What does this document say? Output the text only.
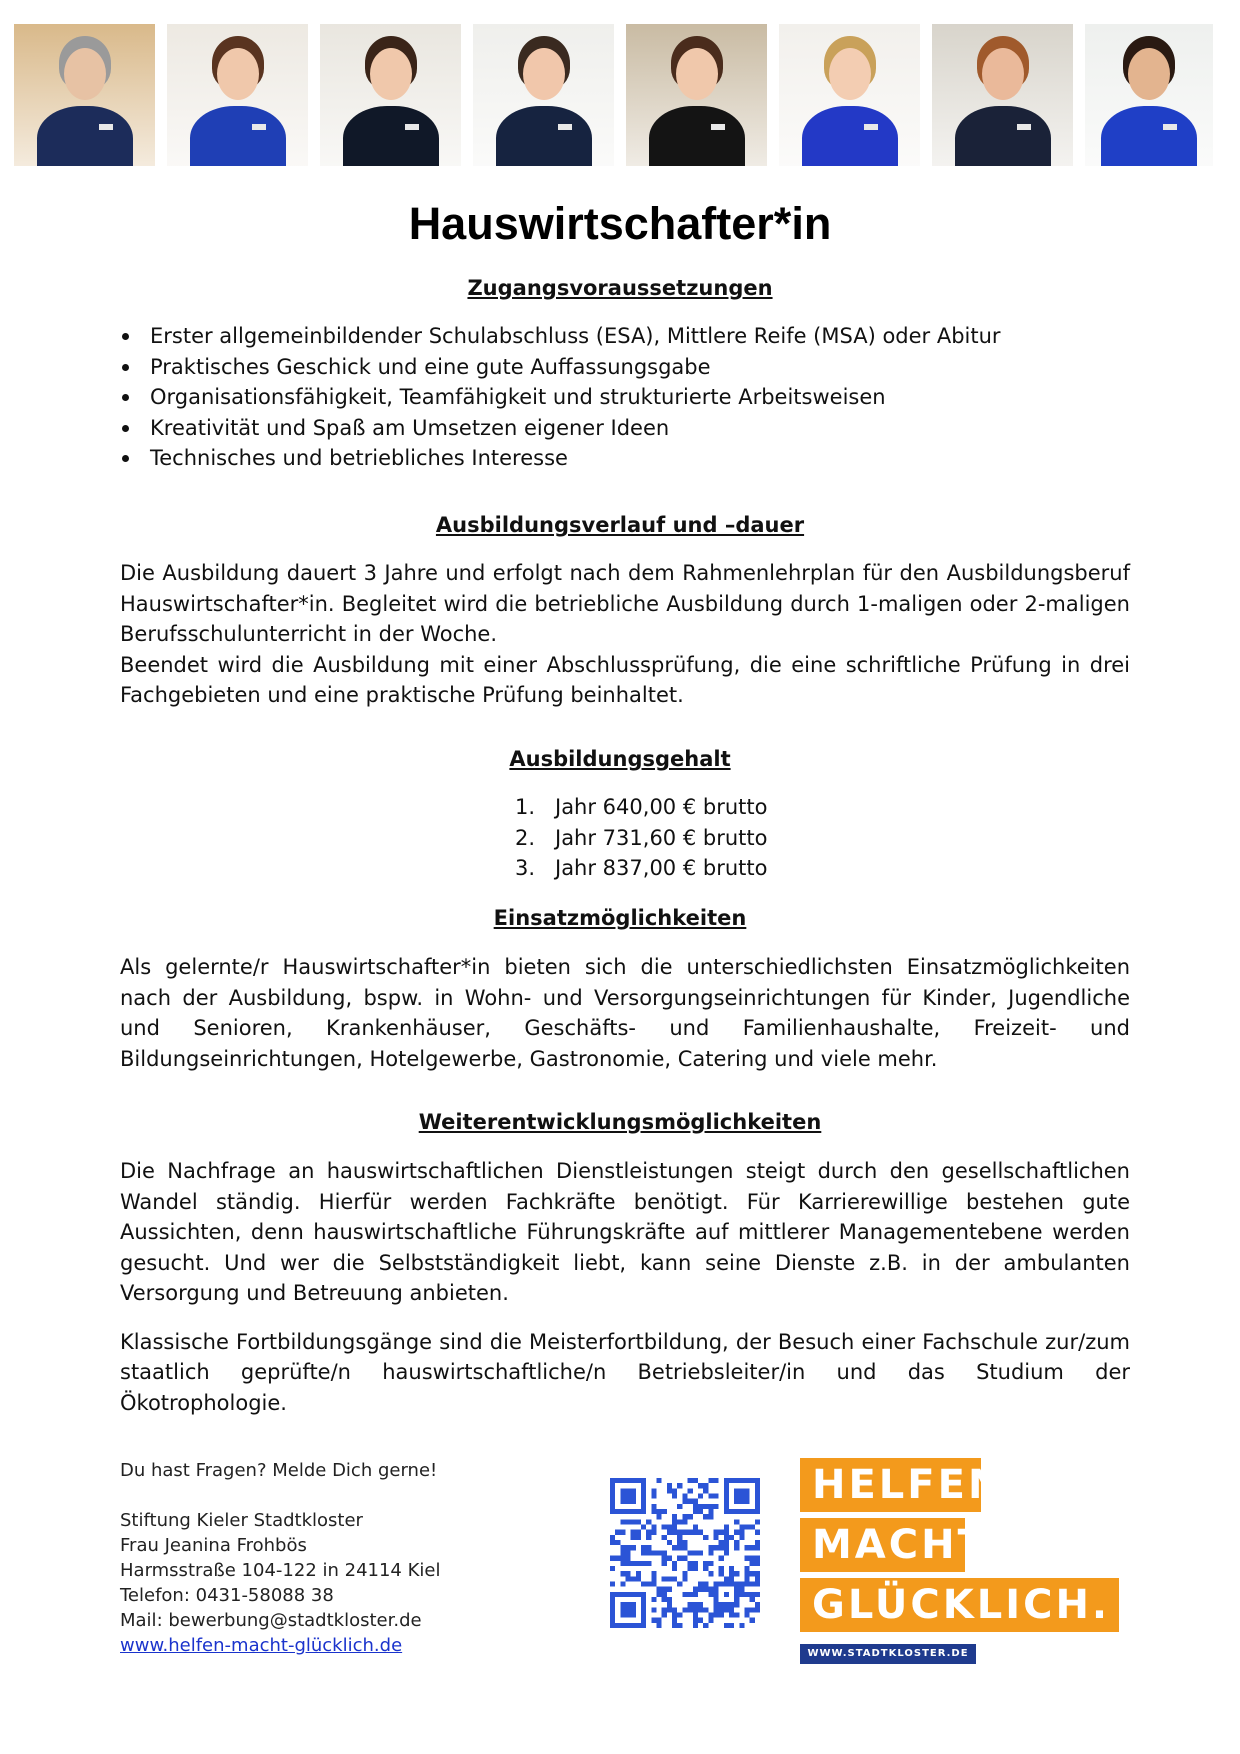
Hauswirtschafter*in
Zugangsvoraussetzungen
Erster allgemeinbildender Schulabschluss (ESA), Mittlere Reife (MSA) oder Abitur
Praktisches Geschick und eine gute Auffassungsgabe
Organisationsfähigkeit, Teamfähigkeit und strukturierte Arbeitsweisen
Kreativität und Spaß am Umsetzen eigener Ideen
Technisches und betriebliches Interesse
Ausbildungsverlauf und –dauer

Die Ausbildung dauert 3 Jahre und erfolgt nach dem Rahmenlehrplan für den Ausbildungsberuf Hauswirtschafter*in. Begleitet wird die betriebliche Ausbildung durch 1-maligen oder 2-maligen Berufsschulunterricht in der Woche.

Beendet wird die Ausbildung mit einer Abschlussprüfung, die eine schriftliche Prüfung in drei Fachgebieten und eine praktische Prüfung beinhaltet.

Ausbildungsgehalt
1. Jahr 640,00 € brutto
2. Jahr 731,60 € brutto
3. Jahr 837,00 € brutto
Einsatzmöglichkeiten

Als gelernte/r Hauswirtschafter*in bieten sich die unterschiedlichsten Einsatzmöglichkeiten nach der Ausbildung, bspw. in Wohn- und Versorgungseinrichtungen für Kinder, Jugendliche und Senioren, Krankenhäuser, Geschäfts- und Familienhaushalte, Freizeit- und Bildungseinrichtungen, Hotelgewerbe, Gastronomie, Catering und viele mehr.

Weiterentwicklungsmöglichkeiten

Die Nachfrage an hauswirtschaftlichen Dienstleistungen steigt durch den gesellschaftlichen Wandel ständig. Hierfür werden Fachkräfte benötigt. Für Karrierewillige bestehen gute Aussichten, denn hauswirtschaftliche Führungskräfte auf mittlerer Managementebene werden gesucht. Und wer die Selbstständigkeit liebt, kann seine Dienste z.B. in der ambulanten Versorgung und Betreuung anbieten.

Klassische Fortbildungsgänge sind die Meisterfortbildung, der Besuch einer Fachschule zur/zum staatlich geprüfte/n hauswirtschaftliche/n Betriebsleiter/in und das Studium der Ökotrophologie.

Du hast Fragen? Melde Dich gerne!
Stiftung Kieler Stadtkloster
Frau Jeanina Frohbös
Harmsstraße 104-122 in 24114 Kiel
Telefon: 0431-58088 38
Mail: bewerbung@stadtkloster.de
www.helfen-macht-glücklich.de
HELFEN
MACHT
GLÜCKLICH.
WWW.STADTKLOSTER.DE
